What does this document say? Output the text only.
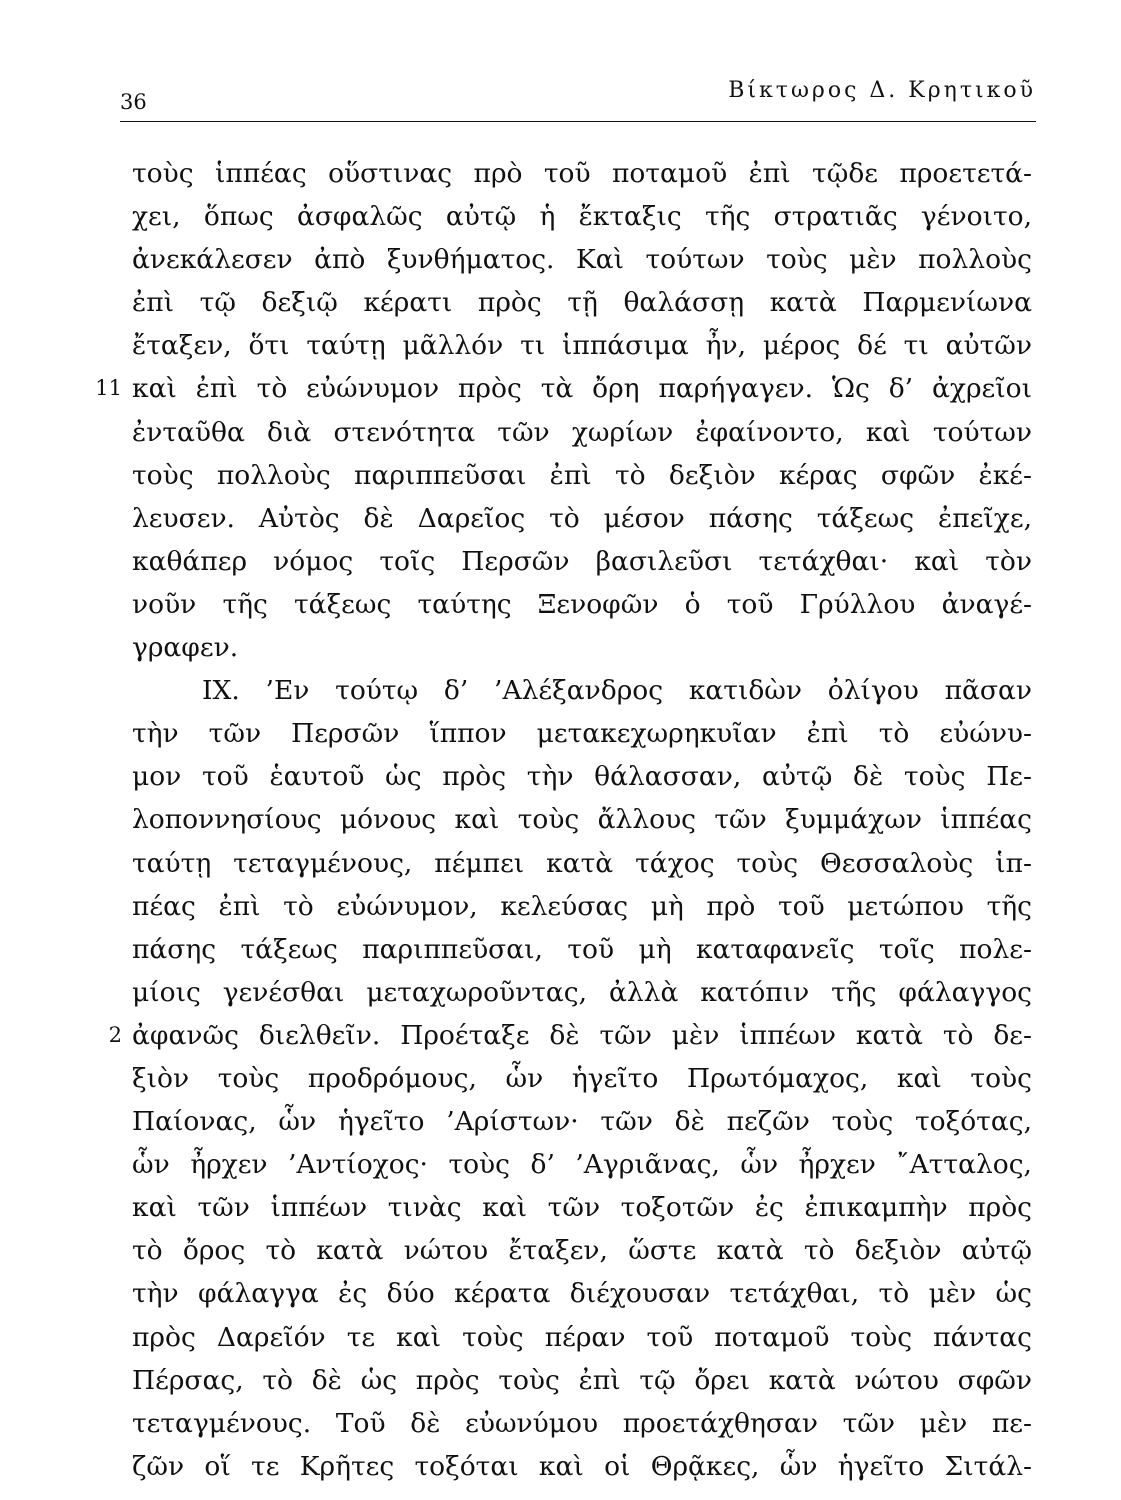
36	Βίκτωρος Δ. Κρητικοῦ
τοὺς ἱππέας οὕστινας πρὸ τοῦ ποταμοῦ ἐπὶ τῷδε προετετά-
χει, ὅπως ἀσφαλῶς αὐτῷ ἡ ἔκταξις τῆς στρατιᾶς γένοιτο,
ἀνεκάλεσεν ἀπὸ ξυνθήματος. Καὶ τούτων τοὺς μὲν πολλοὺς
ἐπὶ τῷ δεξιῷ κέρατι πρὸς τῇ θαλάσσῃ κατὰ Παρμενίωνα
ἔταξεν, ὅτι ταύτῃ μᾶλλόν τι ἱππάσιμα ἦν, μέρος δέ τι αὐτῶν
11 καὶ ἐπὶ τὸ εὐώνυμον πρὸς τὰ ὄρη παρήγαγεν. Ὡς δ’ ἀχρεῖοι
ἐνταῦθα διὰ στενότητα τῶν χωρίων ἐφαίνοντο, καὶ τούτων
τοὺς πολλοὺς παριππεῦσαι ἐπὶ τὸ δεξιὸν κέρας σφῶν ἐκέ-
λευσεν. Αὐτὸς δὲ Δαρεῖος τὸ μέσον πάσης τάξεως ἐπεῖχε,
καθάπερ νόμος τοῖς Περσῶν βασιλεῦσι τετάχθαι· καὶ τὸν
νοῦν τῆς τάξεως ταύτης Ξενοφῶν ὁ τοῦ Γρύλλου ἀναγέ-
γραφεν.
IX. ’Εν τούτῳ δ’ ’Αλέξανδρος κατιδὼν ὀλίγου πᾶσαν
τὴν τῶν Περσῶν ἵππον μετακεχωρηκυῖαν ἐπὶ τὸ εὐώνυ-
μον τοῦ ἑαυτοῦ ὡς πρὸς τὴν θάλασσαν, αὐτῷ δὲ τοὺς Πε-
λοποννησίους μόνους καὶ τοὺς ἄλλους τῶν ξυμμάχων ἱππέας
ταύτῃ τεταγμένους, πέμπει κατὰ τάχος τοὺς Θεσσαλοὺς ἱπ-
πέας ἐπὶ τὸ εὐώνυμον, κελεύσας μὴ πρὸ τοῦ μετώπου τῆς
πάσης τάξεως παριππεῦσαι, τοῦ μὴ καταφανεῖς τοῖς πολε-
μίοις γενέσθαι μεταχωροῦντας, ἀλλὰ κατόπιν τῆς φάλαγγος
2 ἀφανῶς διελθεῖν. Προέταξε δὲ τῶν μὲν ἱππέων κατὰ τὸ δε-
ξιὸν τοὺς προδρόμους, ὧν ἡγεῖτο Πρωτόμαχος, καὶ τοὺς
Παίονας, ὧν ἡγεῖτο ’Αρίστων· τῶν δὲ πεζῶν τοὺς τοξότας,
ὧν ἦρχεν ’Αντίοχος· τοὺς δ’ ’Αγριᾶνας, ὧν ἦρχεν ῎Ατταλος,
καὶ τῶν ἱππέων τινὰς καὶ τῶν τοξοτῶν ἐς ἐπικαμπὴν πρὸς
τὸ ὄρος τὸ κατὰ νώτου ἔταξεν, ὥστε κατὰ τὸ δεξιὸν αὐτῷ
τὴν φάλαγγα ἐς δύο κέρατα διέχουσαν τετάχθαι, τὸ μὲν ὡς
πρὸς Δαρεῖόν τε καὶ τοὺς πέραν τοῦ ποταμοῦ τοὺς πάντας
Πέρσας, τὸ δὲ ὡς πρὸς τοὺς ἐπὶ τῷ ὄρει κατὰ νώτου σφῶν
τεταγμένους. Τοῦ δὲ εὐωνύμου προετάχθησαν τῶν μὲν πε-
ζῶν οἵ τε Κρῆτες τοξόται καὶ οἱ Θρᾷκες, ὧν ἡγεῖτο Σιτάλ-
